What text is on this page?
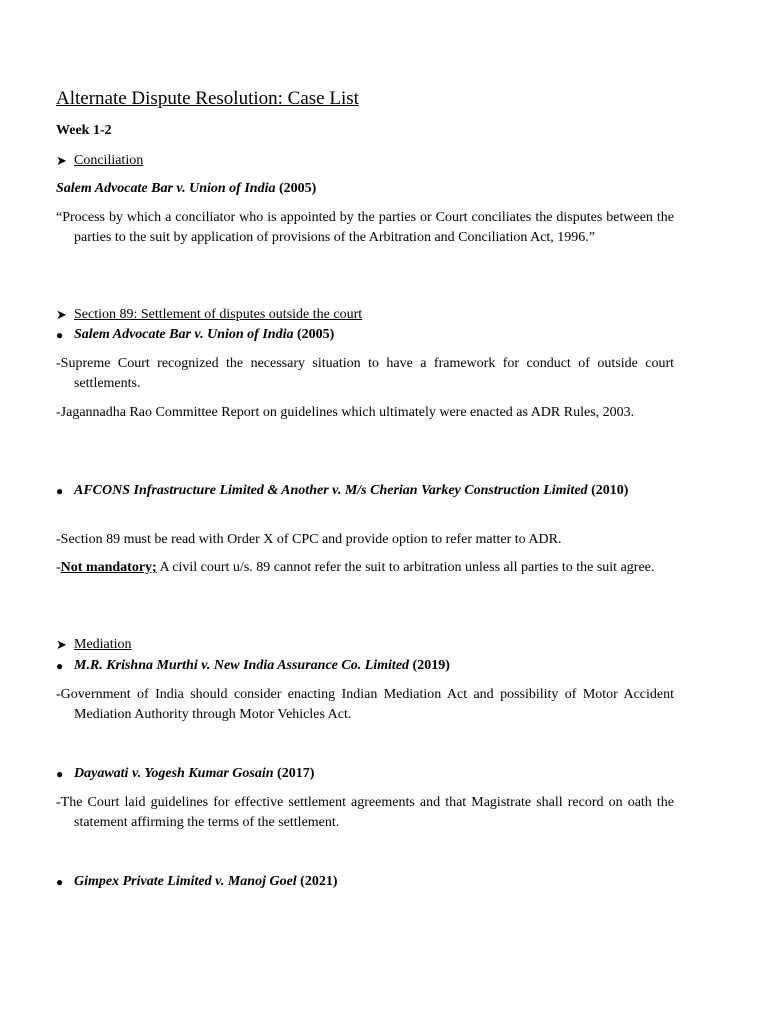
Alternate Dispute Resolution: Case List
Week 1-2
➤ Conciliation
Salem Advocate Bar v. Union of India (2005)
“Process by which a conciliator who is appointed by the parties or Court conciliates the disputes between the parties to the suit by application of provisions of the Arbitration and Conciliation Act, 1996.”
➤ Section 89: Settlement of disputes outside the court
● Salem Advocate Bar v. Union of India (2005)
-Supreme Court recognized the necessary situation to have a framework for conduct of outside court settlements.
-Jagannadha Rao Committee Report on guidelines which ultimately were enacted as ADR Rules, 2003.
● AFCONS Infrastructure Limited & Another v. M/s Cherian Varkey Construction Limited (2010)
-Section 89 must be read with Order X of CPC and provide option to refer matter to ADR.
-Not mandatory; A civil court u/s. 89 cannot refer the suit to arbitration unless all parties to the suit agree.
➤ Mediation
● M.R. Krishna Murthi v. New India Assurance Co. Limited (2019)
-Government of India should consider enacting Indian Mediation Act and possibility of Motor Accident Mediation Authority through Motor Vehicles Act.
● Dayawati v. Yogesh Kumar Gosain (2017)
-The Court laid guidelines for effective settlement agreements and that Magistrate shall record on oath the statement affirming the terms of the settlement.
● Gimpex Private Limited v. Manoj Goel (2021)
